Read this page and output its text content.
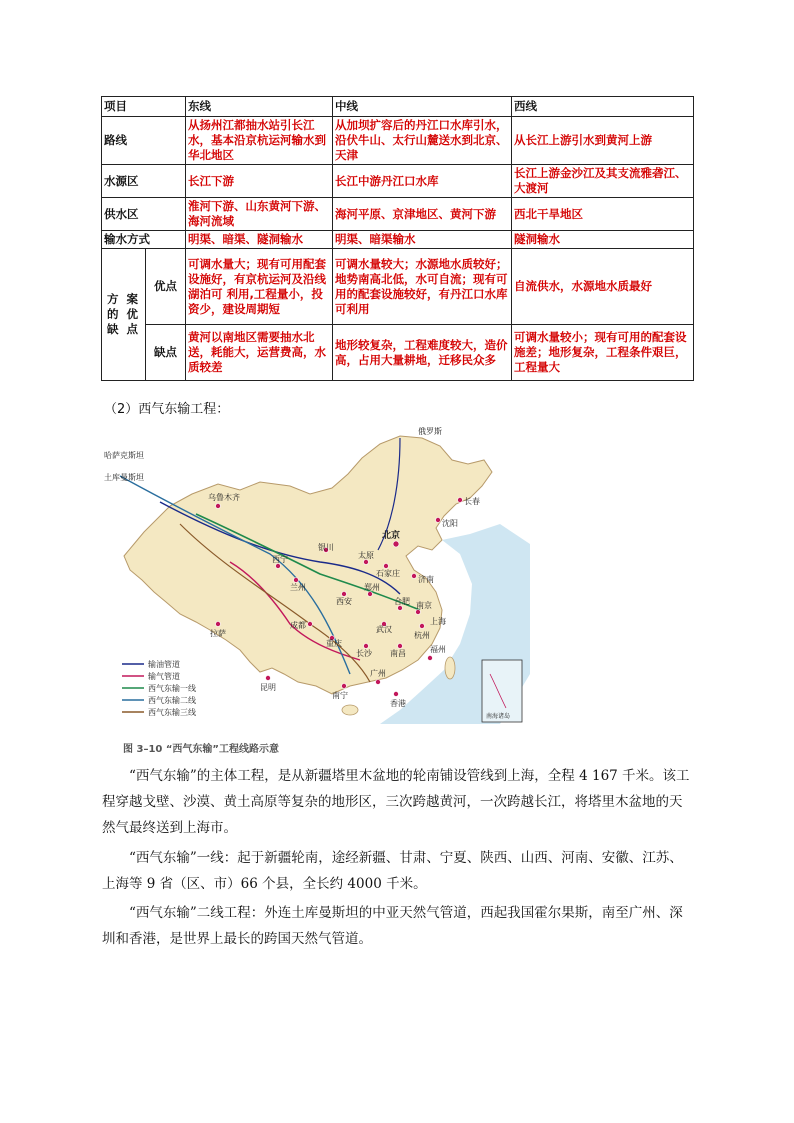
项目		东线	中线	西线
路线		从扬州江都抽水站引长江水，基本沿京杭运河输水到华北地区	从加坝扩容后的丹江口水库引水，沿伏牛山、太行山麓送水到北京、天津	从长江上游引水到黄河上游
水源区		长江下游	长江中游丹江口水库	长江上游金沙江及其支流雅砻江、大渡河
供水区		淮河下游、山东黄河下游、海河流域	海河平原、京津地区、黄河下游	西北干旱地区
输水方式		明渠、暗渠、隧洞输水	明渠、暗渠输水	隧洞输水
方 案 的 优 缺 点	优点	可调水量大；现有可用配套设施好，有京杭运河及沿线湖泊可 利用,工程量小，投资少，建设周期短	可调水量较大；水源地水质较好；地势南高北低，水可自流；现有可用的配套设施较好，有丹江口水库可利用	自流供水，水源地水质最好
	缺点	黄河以南地区需要抽水北送，耗能大，运营费高，水质较差	地形较复杂，工程难度较大，造价高，占用大量耕地，迁移民众多	可调水量较小；现有可用的配套设施差；地形复杂，工程条件艰巨，工程量大
（2）西气东输工程：
哈萨克斯坦
土库曼斯坦
俄罗斯
乌鲁木齐	长春
沈阳
北京
银川
太原
石家庄
济南
西宁
兰州
西安
郑州
合肥 南京
上海
杭州
武汉
成都
重庆
拉萨
长沙 南昌	福州
昆明
南宁
广州
香港
南海诸岛
输油管道
输气管道
西气东输一线
西气东输二线
西气东输三线
图 3–10 “西气东输”工程线路示意
“西气东输”的主体工程，是从新疆塔里木盆地的轮南铺设管线到上海，全程 4 167 千米。该工程穿越戈壁、沙漠、黄土高原等复杂的地形区，三次跨越黄河，一次跨越长江，将塔里木盆地的天然气最终送到上海市。
“西气东输”一线：起于新疆轮南，途经新疆、甘肃、宁夏、陕西、山西、河南、安徽、江苏、上海等 9 省（区、市）66 个县，全长约 4000 千米。
“西气东输”二线工程：外连土库曼斯坦的中亚天然气管道，西起我国霍尔果斯，南至广州、深圳和香港，是世界上最长的跨国天然气管道。
